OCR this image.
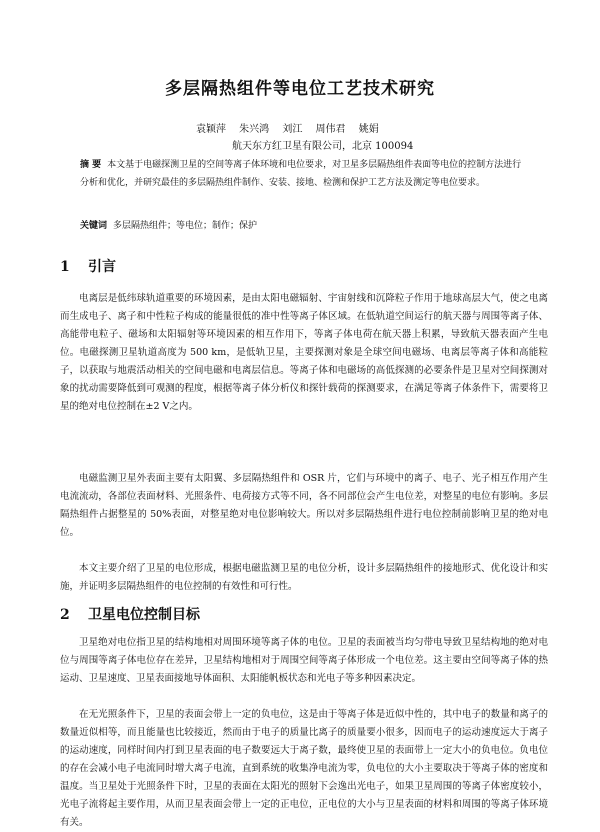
多层隔热组件等电位工艺技术研究
袁颖萍 朱兴鸿 刘江 周伟君 姚娟
航天东方红卫星有限公司，北京 100094
摘 要 本文基于电磁探测卫星的空间等离子体环境和电位要求，对卫星多层隔热组件表面等电位的控制方法进行分析和优化，并研究最佳的多层隔热组件制作、安装、接地、检测和保护工艺方法及测定等电位要求。
关键词 多层隔热组件；等电位；制作；保护
1 引言

电离层是低纬球轨道重要的环境因素，是由太阳电磁辐射、宇宙射线和沉降粒子作用于地球高层大气，使之电离而生成电子、离子和中性粒子构成的能量很低的准中性等离子体区域。在低轨道空间运行的航天器与周围等离子体、高能带电粒子、磁场和太阳辐射等环境因素的相互作用下，等离子体电荷在航天器上积累，导致航天器表面产生电位。电磁探测卫星轨道高度为 500 km，是低轨卫星，主要探测对象是全球空间电磁场、电离层等离子体和高能粒子，以获取与地震活动相关的空间电磁和电离层信息。等离子体和电磁场的高低探测的必要条件是卫星对空间探测对象的扰动需要降低到可观测的程度，根据等离子体分析仪和探针载荷的探测要求，在满足等离子体条件下，需要将卫星的绝对电位控制在±2 V之内。

电磁监测卫星外表面主要有太阳翼、多层隔热组件和 OSR 片，它们与环境中的离子、电子、光子相互作用产生电流流动，各部位表面材料、光照条件、电荷接方式等不同，各不同部位会产生电位差，对整星的电位有影响。多层隔热组件占据整星的 50%表面，对整星绝对电位影响较大。所以对多层隔热组件进行电位控制前影响卫星的绝对电位。

本文主要介绍了卫星的电位形成，根据电磁监测卫星的电位分析，设计多层隔热组件的接地形式、优化设计和实施，并证明多层隔热组件的电位控制的有效性和可行性。

2 卫星电位控制目标

卫星绝对电位指卫星的结构地相对周围环境等离子体的电位。卫星的表面被当均匀带电导致卫星结构地的绝对电位与周围等离子体电位存在差异，卫星结构地相对于周围空间等离子体形成一个电位差。这主要由空间等离子体的热运动、卫星速度、卫星表面接地导体面积、太阳能帆板状态和光电子等多种因素决定。

在无光照条件下，卫星的表面会带上一定的负电位，这是由于等离子体是近似中性的，其中电子的数量和离子的数量近似相等，而且能量也比较接近，然而由于电子的质量比离子的质量要小很多，因而电子的运动速度远大于离子的运动速度，同样时间内打到卫星表面的电子数要远大于离子数，最终使卫星的表面带上一定大小的负电位。负电位的存在会减小电子电流同时增大离子电流，直到系统的收集净电流为零，负电位的大小主要取决于等离子体的密度和温度。当卫星处于光照条件下时，卫星的表面在太阳光的照射下会逸出光电子，如果卫星周围的等离子体密度较小，光电子流将起主要作用，从而卫星表面会带上一定的正电位，正电位的大小与卫星表面的材料和周围的等离子体环境有关。
